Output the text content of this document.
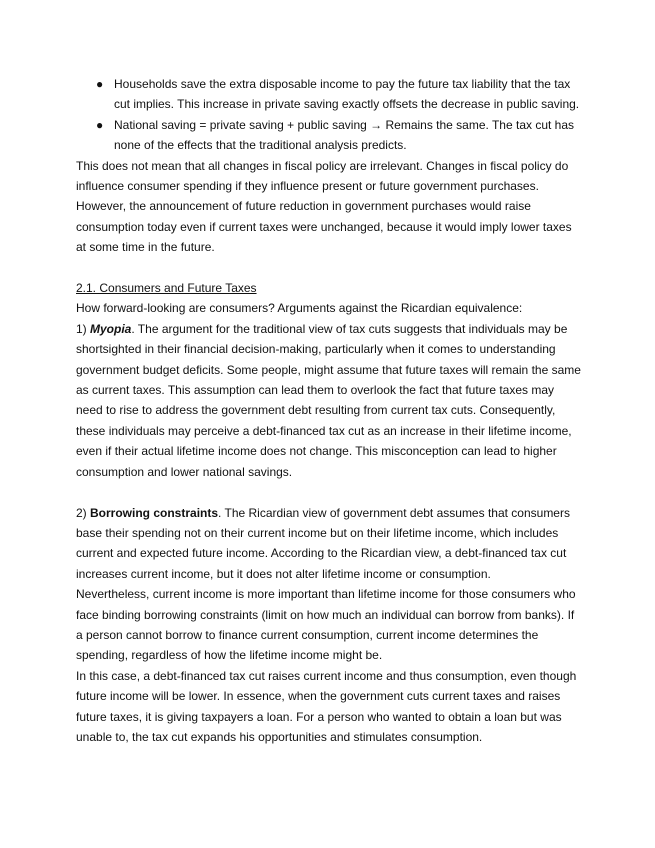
● Households save the extra disposable income to pay the future tax liability that the tax cut implies. This increase in private saving exactly offsets the decrease in public saving.
● National saving = private saving + public saving → Remains the same. The tax cut has none of the effects that the traditional analysis predicts.

This does not mean that all changes in fiscal policy are irrelevant. Changes in fiscal policy do influence consumer spending if they influence present or future government purchases. However, the announcement of future reduction in government purchases would raise consumption today even if current taxes were unchanged, because it would imply lower taxes at some time in the future.

2.1. Consumers and Future Taxes

How forward-looking are consumers? Arguments against the Ricardian equivalence:

1) Myopia. The argument for the traditional view of tax cuts suggests that individuals may be shortsighted in their financial decision-making, particularly when it comes to understanding government budget deficits. Some people, might assume that future taxes will remain the same as current taxes. This assumption can lead them to overlook the fact that future taxes may need to rise to address the government debt resulting from current tax cuts. Consequently, these individuals may perceive a debt-financed tax cut as an increase in their lifetime income, even if their actual lifetime income does not change. This misconception can lead to higher consumption and lower national savings.

2) Borrowing constraints. The Ricardian view of government debt assumes that consumers base their spending not on their current income but on their lifetime income, which includes current and expected future income. According to the Ricardian view, a debt-financed tax cut increases current income, but it does not alter lifetime income or consumption.

Nevertheless, current income is more important than lifetime income for those consumers who face binding borrowing constraints (limit on how much an individual can borrow from banks). If a person cannot borrow to finance current consumption, current income determines the spending, regardless of how the lifetime income might be.

In this case, a debt-financed tax cut raises current income and thus consumption, even though future income will be lower. In essence, when the government cuts current taxes and raises future taxes, it is giving taxpayers a loan. For a person who wanted to obtain a loan but was unable to, the tax cut expands his opportunities and stimulates consumption.
